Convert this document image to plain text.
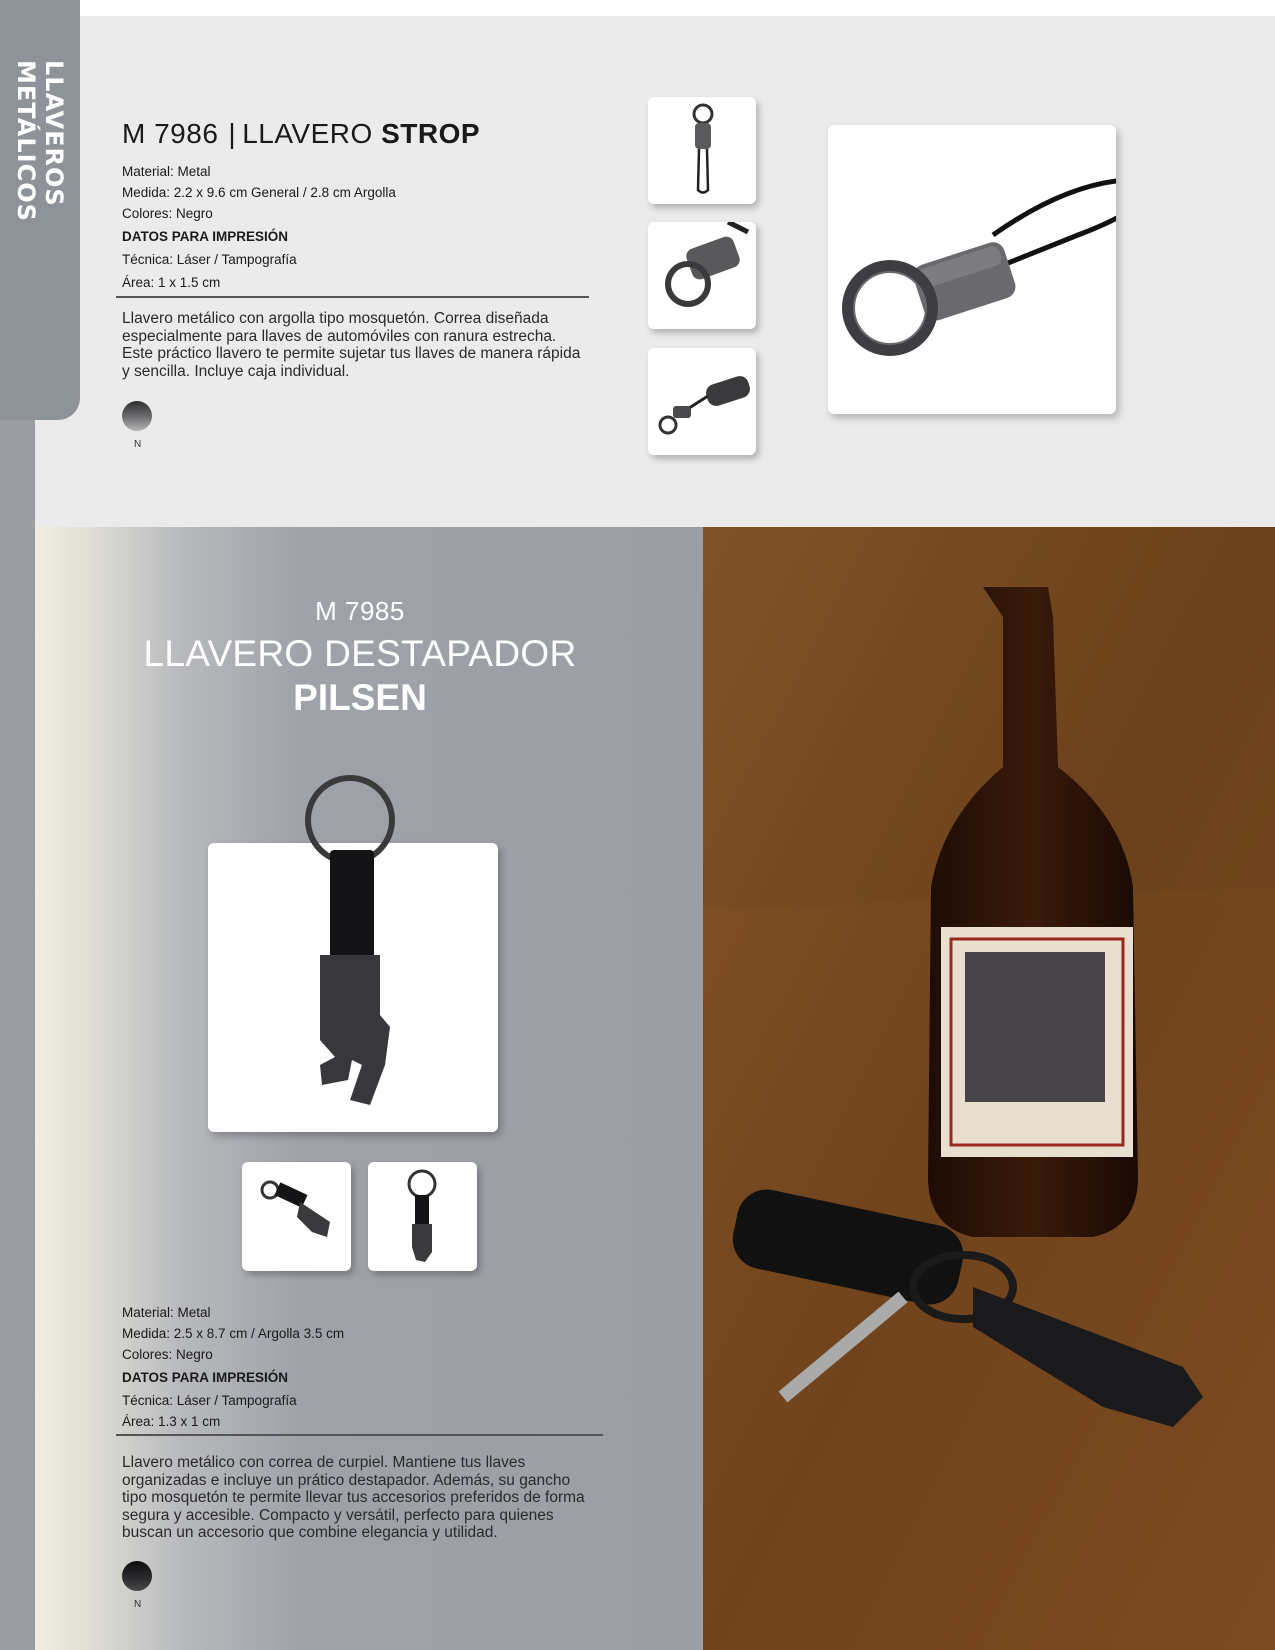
LLAVEROS METÁLICOS	M 7986 | LLAVERO STROP
Material: Metal
Medida: 2.2 x 9.6 cm General / 2.8 cm Argolla
Colores: Negro
DATOS PARA IMPRESIÓN
Técnica: Láser / Tampografía
Área: 1 x 1.5 cm
Llavero metálico con argolla tipo mosquetón. Correa diseñada especialmente para llaves de automóviles con ranura estrecha. Este práctico llavero te permite sujetar tus llaves de manera rápida y sencilla. Incluye caja individual.
N
M 7985
LLAVERO DESTAPADOR
PILSEN
Material: Metal
Medida: 2.5 x 8.7 cm / Argolla 3.5 cm
Colores: Negro
DATOS PARA IMPRESIÓN
Técnica: Láser / Tampografía
Área: 1.3 x 1 cm
Llavero metálico con correa de curpiel. Mantiene tus llaves organizadas e incluye un prático destapador. Además, su gancho tipo mosquetón te permite llevar tus accesorios preferidos de forma segura y accesible. Compacto y versátil, perfecto para quienes buscan un accesorio que combine elegancia y utilidad.
N
